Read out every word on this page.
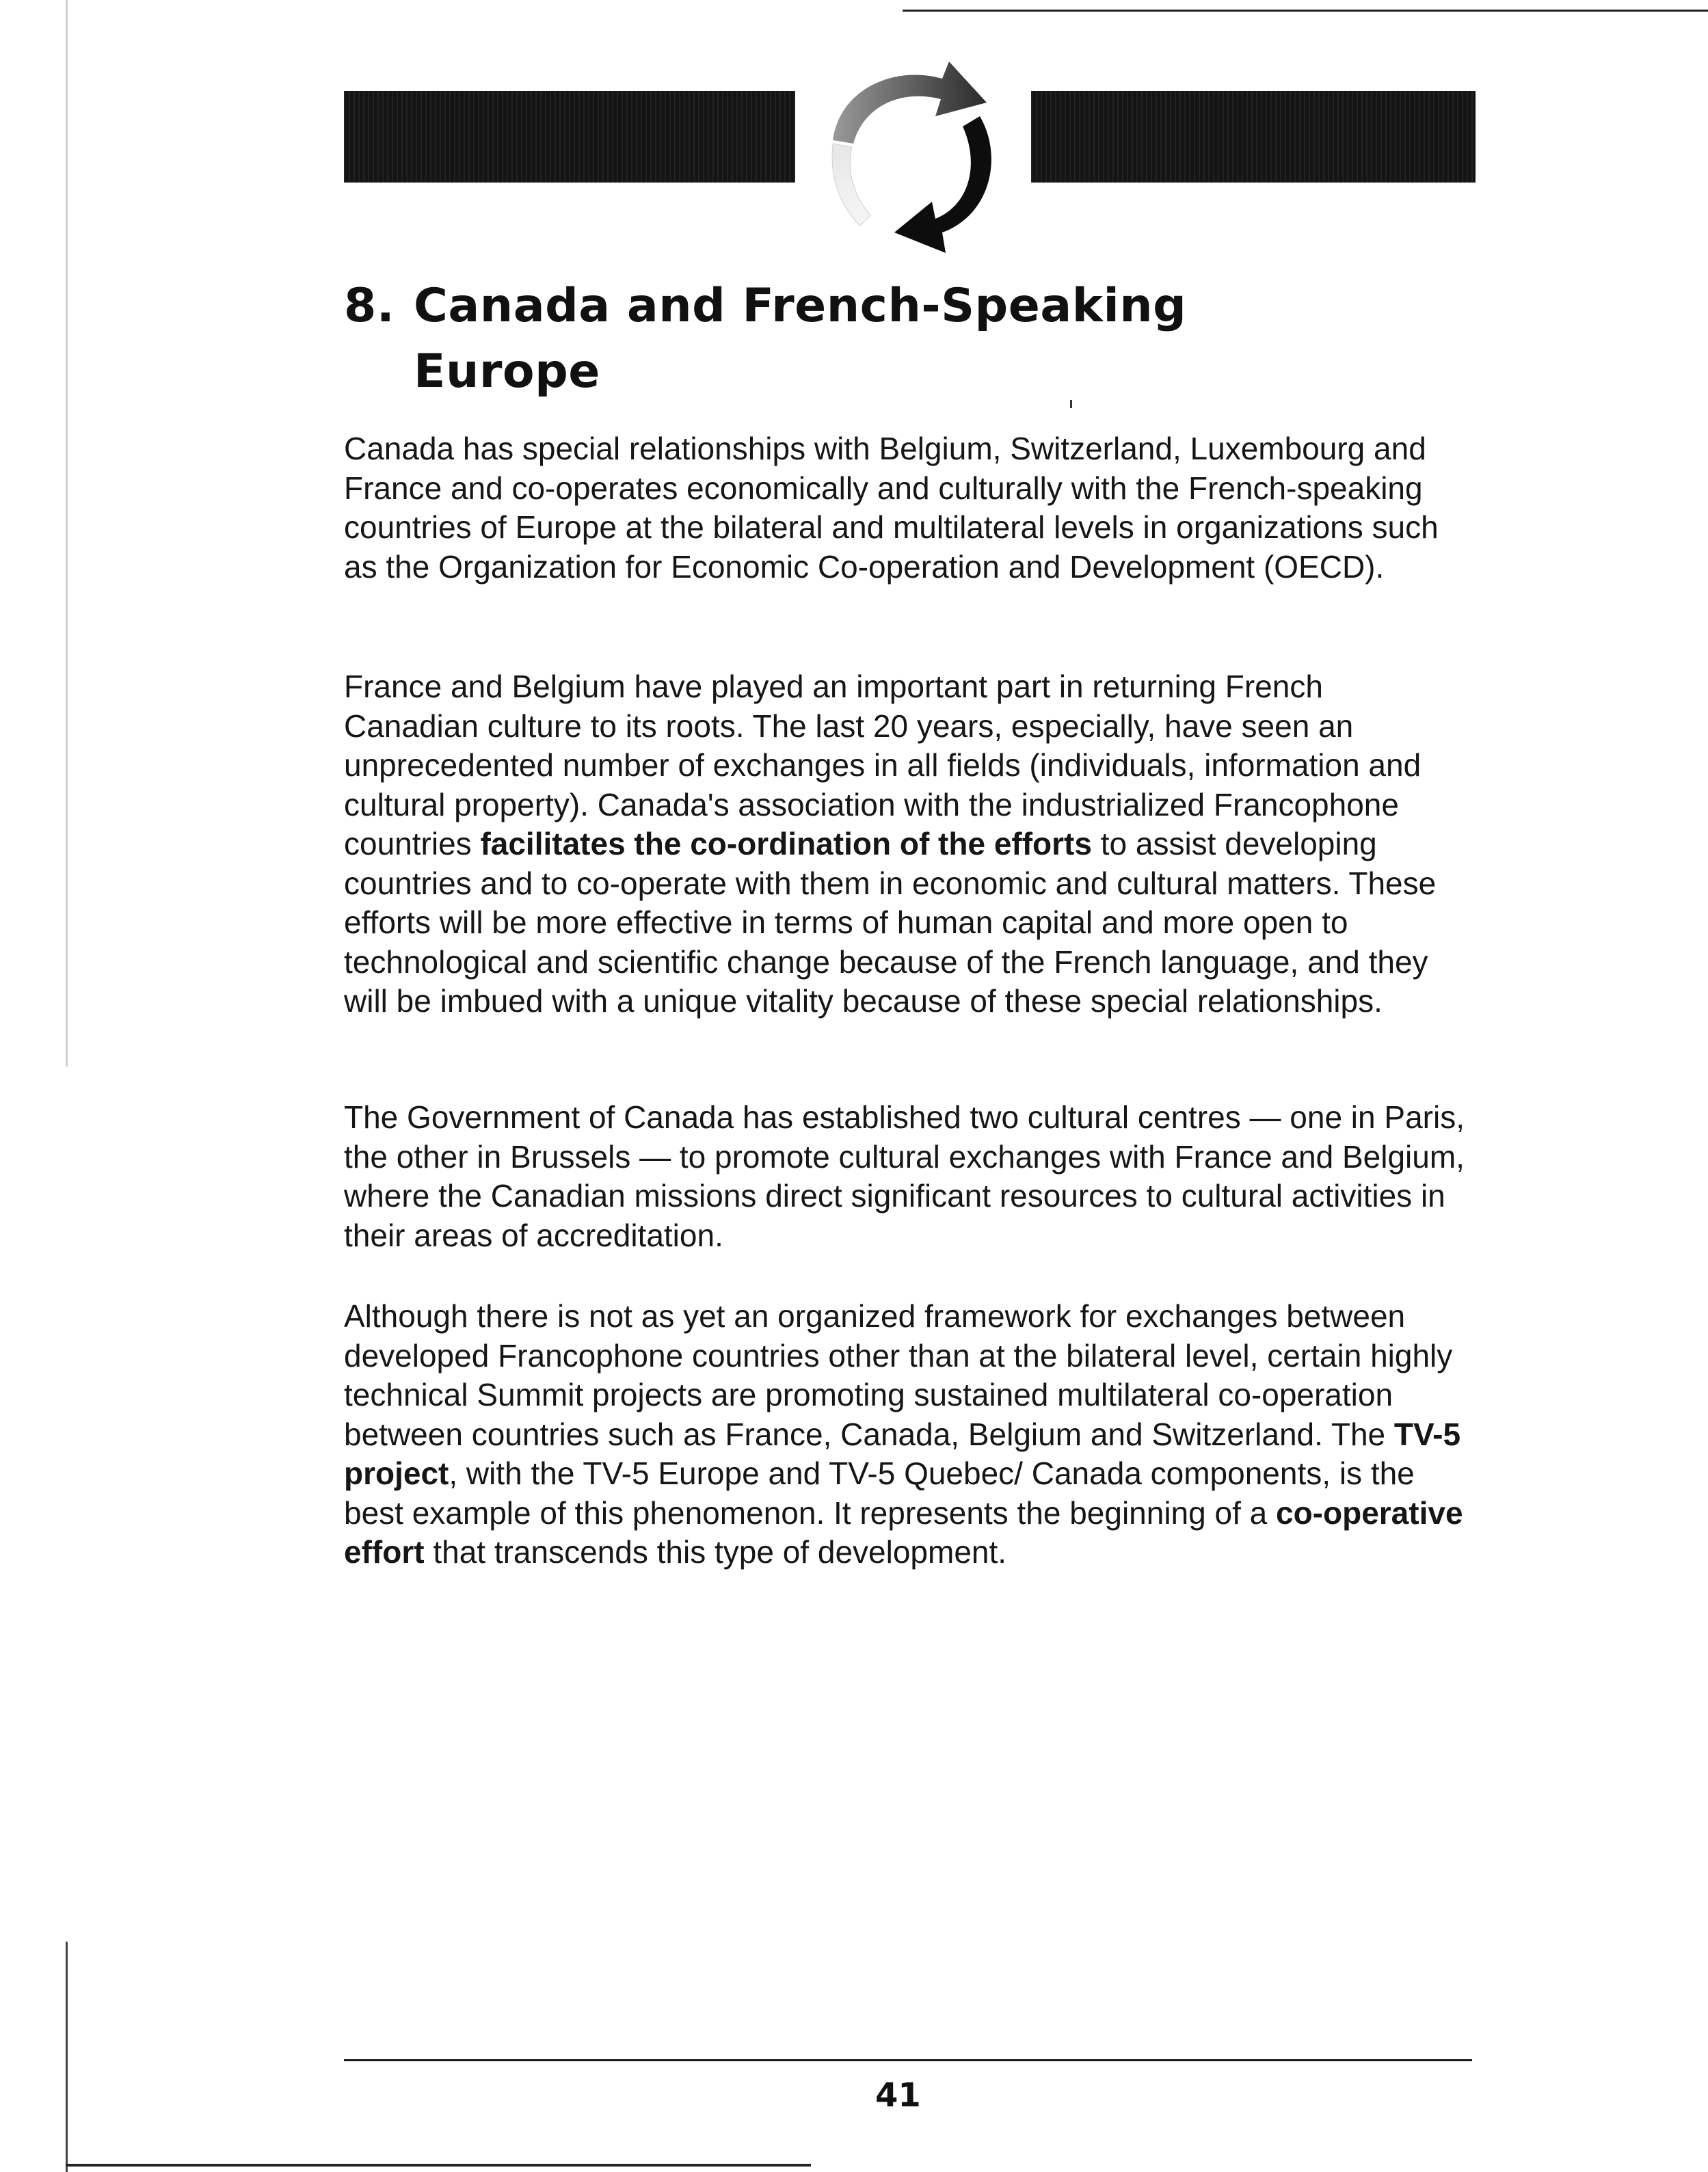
8. Canada and French-Speaking
Europe

Canada has special relationships with Belgium, Switzerland, Luxembourg and France and co-operates economically and culturally with the French-speaking countries of Europe at the bilateral and multilateral levels in organizations such as the Organization for Economic Co-operation and Development (OECD).

France and Belgium have played an important part in returning French Canadian culture to its roots. The last 20 years, especially, have seen an unprecedented number of exchanges in all fields (individuals, information and cultural property). Canada's association with the industrialized Francophone countries facilitates the co-ordination of the efforts to assist developing countries and to co-operate with them in economic and cultural matters. These efforts will be more effective in terms of human capital and more open to technological and scientific change because of the French language, and they will be imbued with a unique vitality because of these special relationships.

The Government of Canada has established two cultural centres — one in Paris, the other in Brussels — to promote cultural exchanges with France and Belgium, where the Canadian missions direct significant resources to cultural activities in their areas of accreditation.

Although there is not as yet an organized framework for exchanges between developed Francophone countries other than at the bilateral level, certain highly technical Summit projects are promoting sustained multilateral co-operation between countries such as France, Canada, Belgium and Switzerland. The TV-5 project, with the TV-5 Europe and TV-5 Quebec/ Canada components, is the best example of this phenomenon. It represents the beginning of a co-operative effort that transcends this type of development.

41
